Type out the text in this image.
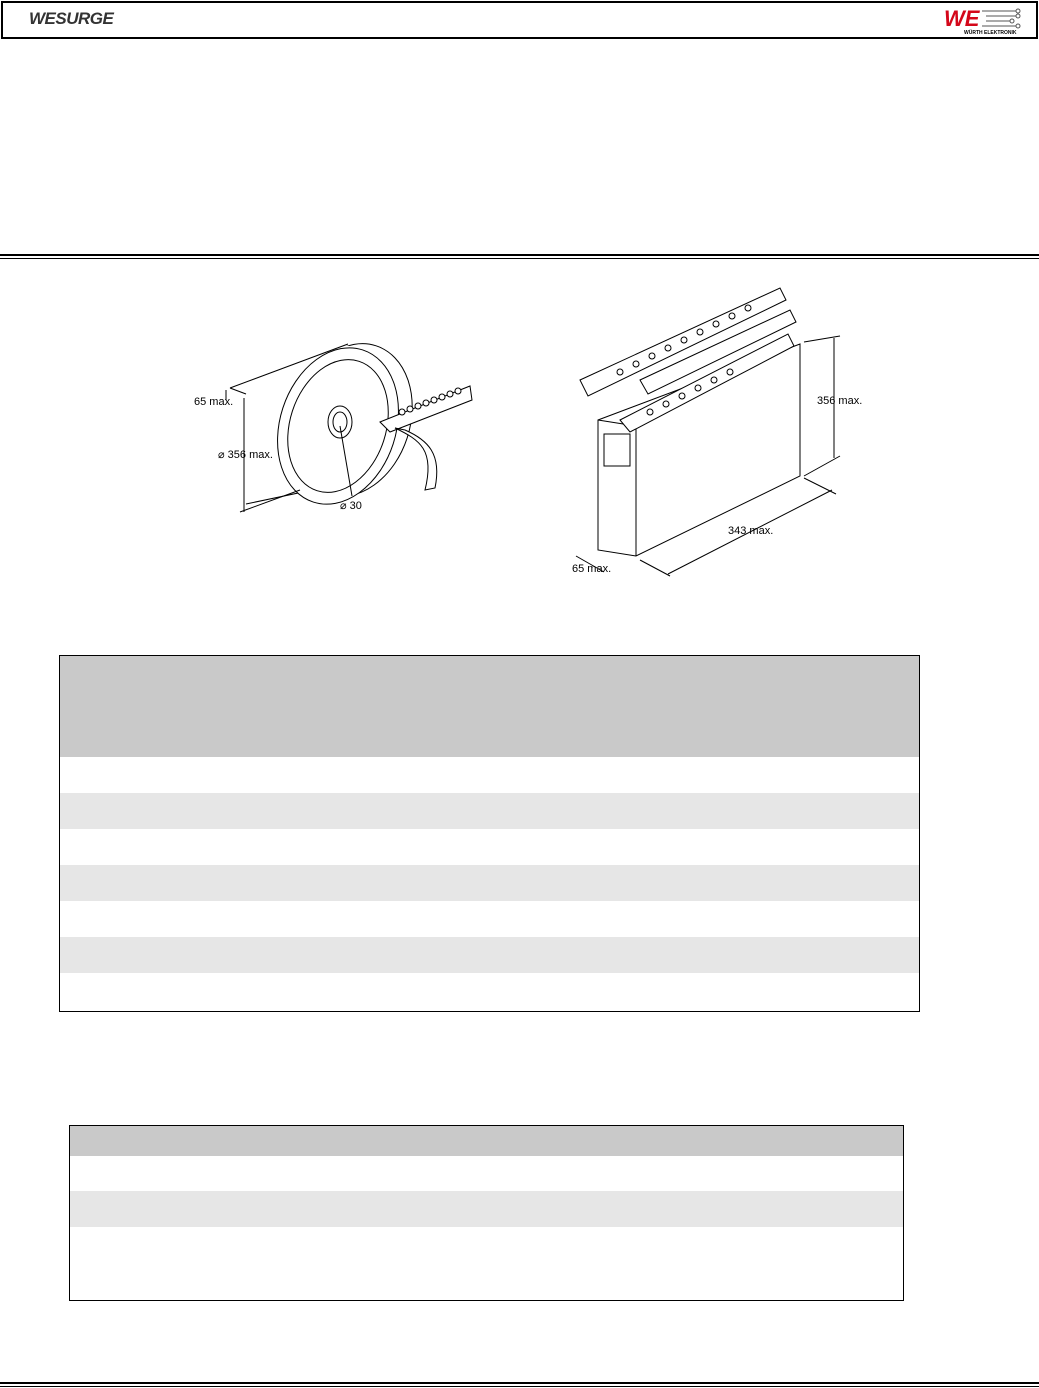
WESURGE	WE
WÜRTH ELEKTRONIK
65 max.
⌀ 356 max.
⌀ 30
356 max.
343 max.
65 max.
